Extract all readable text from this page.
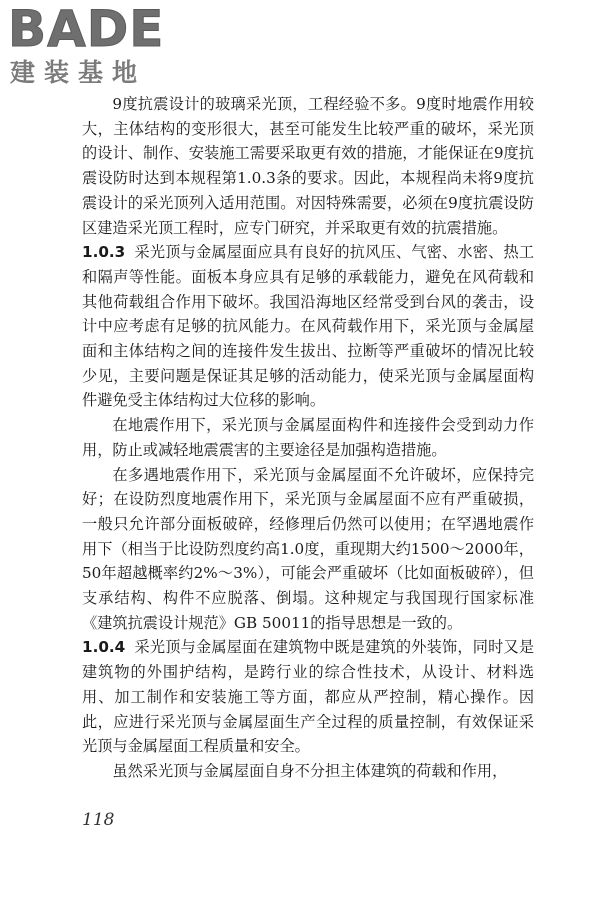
BADE
建装基地

9度抗震设计的玻璃采光顶，工程经验不多。9度时地震作用较大，主体结构的变形很大，甚至可能发生比较严重的破坏，采光顶的设计、制作、安装施工需要采取更有效的措施，才能保证在9度抗震设防时达到本规程第1.0.3条的要求。因此，本规程尚未将9度抗震设计的采光顶列入适用范围。对因特殊需要，必须在9度抗震设防区建造采光顶工程时，应专门研究，并采取更有效的抗震措施。

1.0.3 采光顶与金属屋面应具有良好的抗风压、气密、水密、热工和隔声等性能。面板本身应具有足够的承载能力，避免在风荷载和其他荷载组合作用下破坏。我国沿海地区经常受到台风的袭击，设计中应考虑有足够的抗风能力。在风荷载作用下，采光顶与金属屋面和主体结构之间的连接件发生拔出、拉断等严重破坏的情况比较少见，主要问题是保证其足够的活动能力，使采光顶与金属屋面构件避免受主体结构过大位移的影响。

在地震作用下，采光顶与金属屋面构件和连接件会受到动力作用，防止或减轻地震震害的主要途径是加强构造措施。

在多遇地震作用下，采光顶与金属屋面不允许破坏，应保持完好；在设防烈度地震作用下，采光顶与金属屋面不应有严重破损，一般只允许部分面板破碎，经修理后仍然可以使用；在罕遇地震作用下（相当于比设防烈度约高1.0度，重现期大约1500～2000年，50年超越概率约2%～3%），可能会严重破坏（比如面板破碎），但支承结构、构件不应脱落、倒塌。这种规定与我国现行国家标准《建筑抗震设计规范》GB 50011的指导思想是一致的。

1.0.4 采光顶与金属屋面在建筑物中既是建筑的外装饰，同时又是建筑物的外围护结构，是跨行业的综合性技术，从设计、材料选用、加工制作和安装施工等方面，都应从严控制，精心操作。因此，应进行采光顶与金属屋面生产全过程的质量控制，有效保证采光顶与金属屋面工程质量和安全。

虽然采光顶与金属屋面自身不分担主体建筑的荷载和作用，

118
